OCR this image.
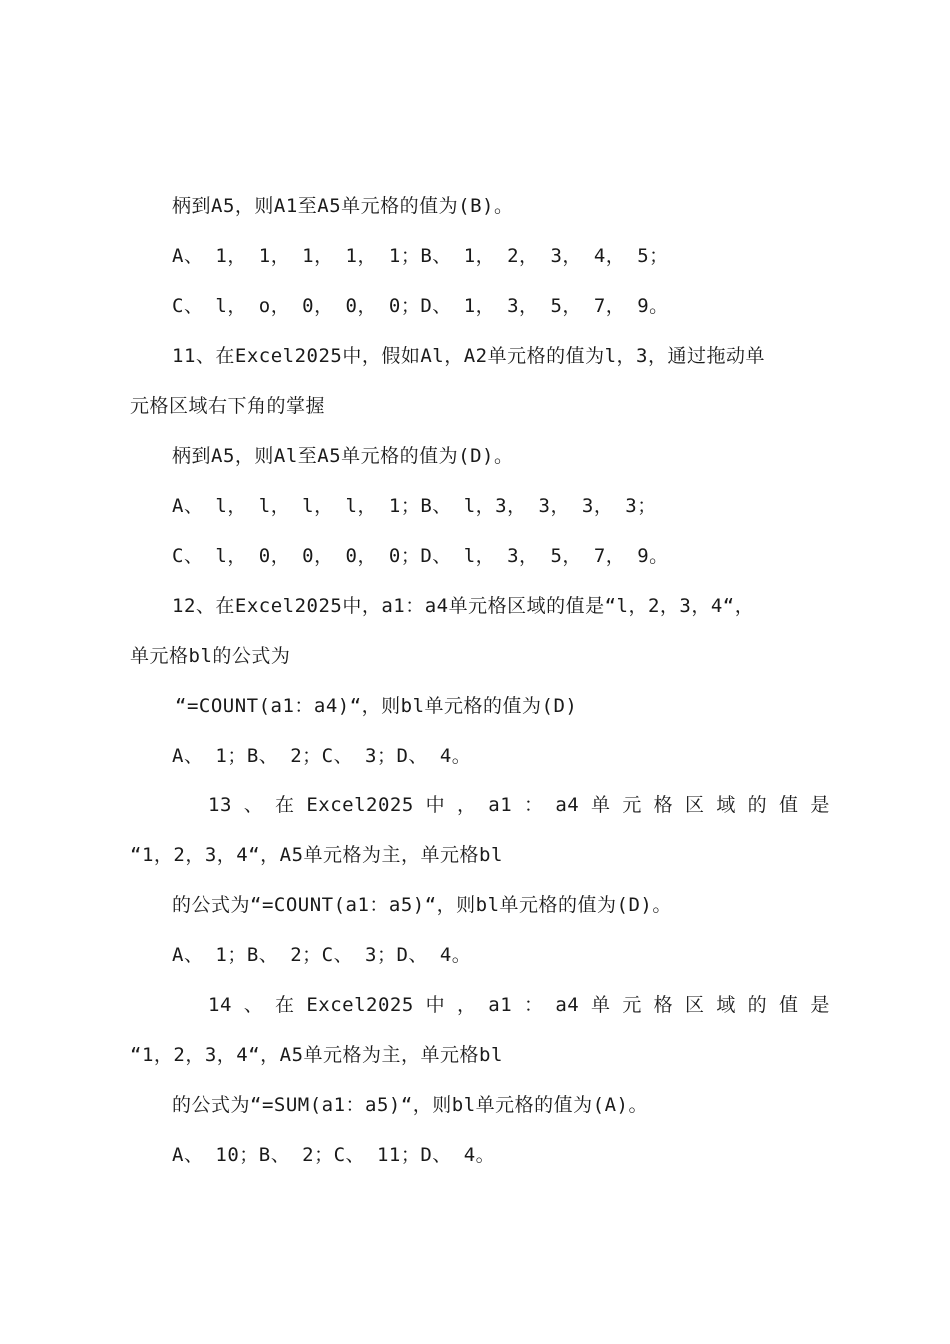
柄到A5，则A1至A5单元格的值为(B)。
A、 1， 1， 1， 1， 1；B、 1， 2， 3， 4， 5；
C、 l， o， 0， 0， 0；D、 1， 3， 5， 7， 9。
11、在Excel2025中，假如Al，A2单元格的值为l，3，通过拖动单
元格区域右下角的掌握
柄到A5，则Al至A5单元格的值为(D)。
A、 l， l， l， l， 1；B、 l，3， 3， 3， 3；
C、 l， 0， 0， 0， 0；D、 l， 3， 5， 7， 9。
12、在Excel2025中，a1：a4单元格区域的值是“l，2，3，4“，
单元格bl的公式为
“=COUNT(a1：a4)“，则bl单元格的值为(D)
A、 1；B、 2；C、 3；D、 4。
13 、 在 Excel2025 中 ， a1 ： a4 单 元 格 区 域 的 值 是
“1，2，3，4“，A5单元格为主，单元格bl
的公式为“=COUNT(a1：a5)“，则bl单元格的值为(D)。
A、 1；B、 2；C、 3；D、 4。
14 、 在 Excel2025 中 ， a1 ： a4 单 元 格 区 域 的 值 是
“1，2，3，4“，A5单元格为主，单元格bl
的公式为“=SUM(a1：a5)“，则bl单元格的值为(A)。
A、 10；B、 2；C、 11；D、 4。
